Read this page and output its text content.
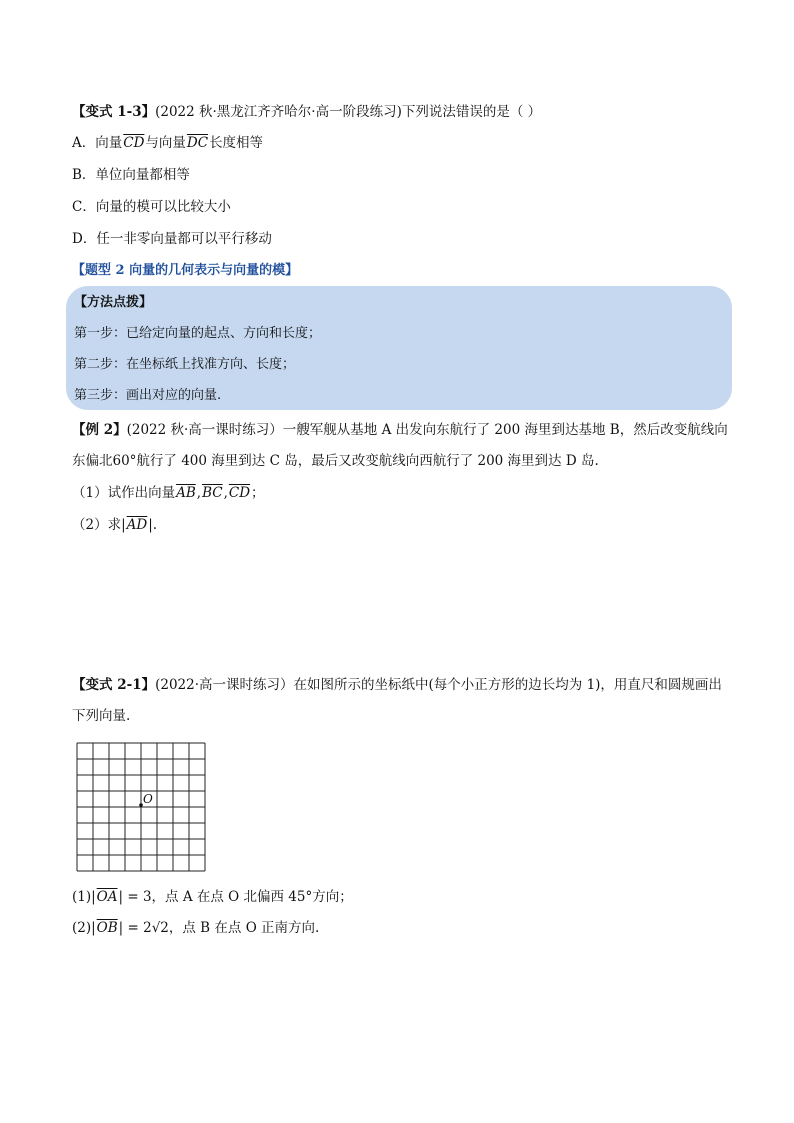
【变式 1-3】(2022 秋·黑龙江齐齐哈尔·高一阶段练习)下列说法错误的是（ ）
A．向量$\overline{CD}$与向量$\overline{DC}$长度相等
B．单位向量都相等
C．向量的模可以比较大小
D．任一非零向量都可以平行移动
【题型 2 向量的几何表示与向量的模】
【方法点拨】
第一步：已给定向量的起点、方向和长度；
第二步：在坐标纸上找准方向、长度；
第三步：画出对应的向量.
【例 2】(2022 秋·高一课时练习）一艘军舰从基地 A 出发向东航行了 200 海里到达基地 B，然后改变航线向
东偏北60°航行了 400 海里到达 C 岛，最后又改变航线向西航行了 200 海里到达 D 岛.
（1）试作出向量$\overline{AB},\overline{BC},\overline{CD}$；
（2）求$|\overline{AD}|$.
【变式 2-1】(2022·高一课时练习）在如图所示的坐标纸中(每个小正方形的边长均为 1)，用直尺和圆规画出
下列向量.
O
$(1)|\overline{OA}| = 3$，点 A 在点 O 北偏西 45°方向；
$(2)|\overline{OB}| = 2√2$，点 B 在点 O 正南方向.
